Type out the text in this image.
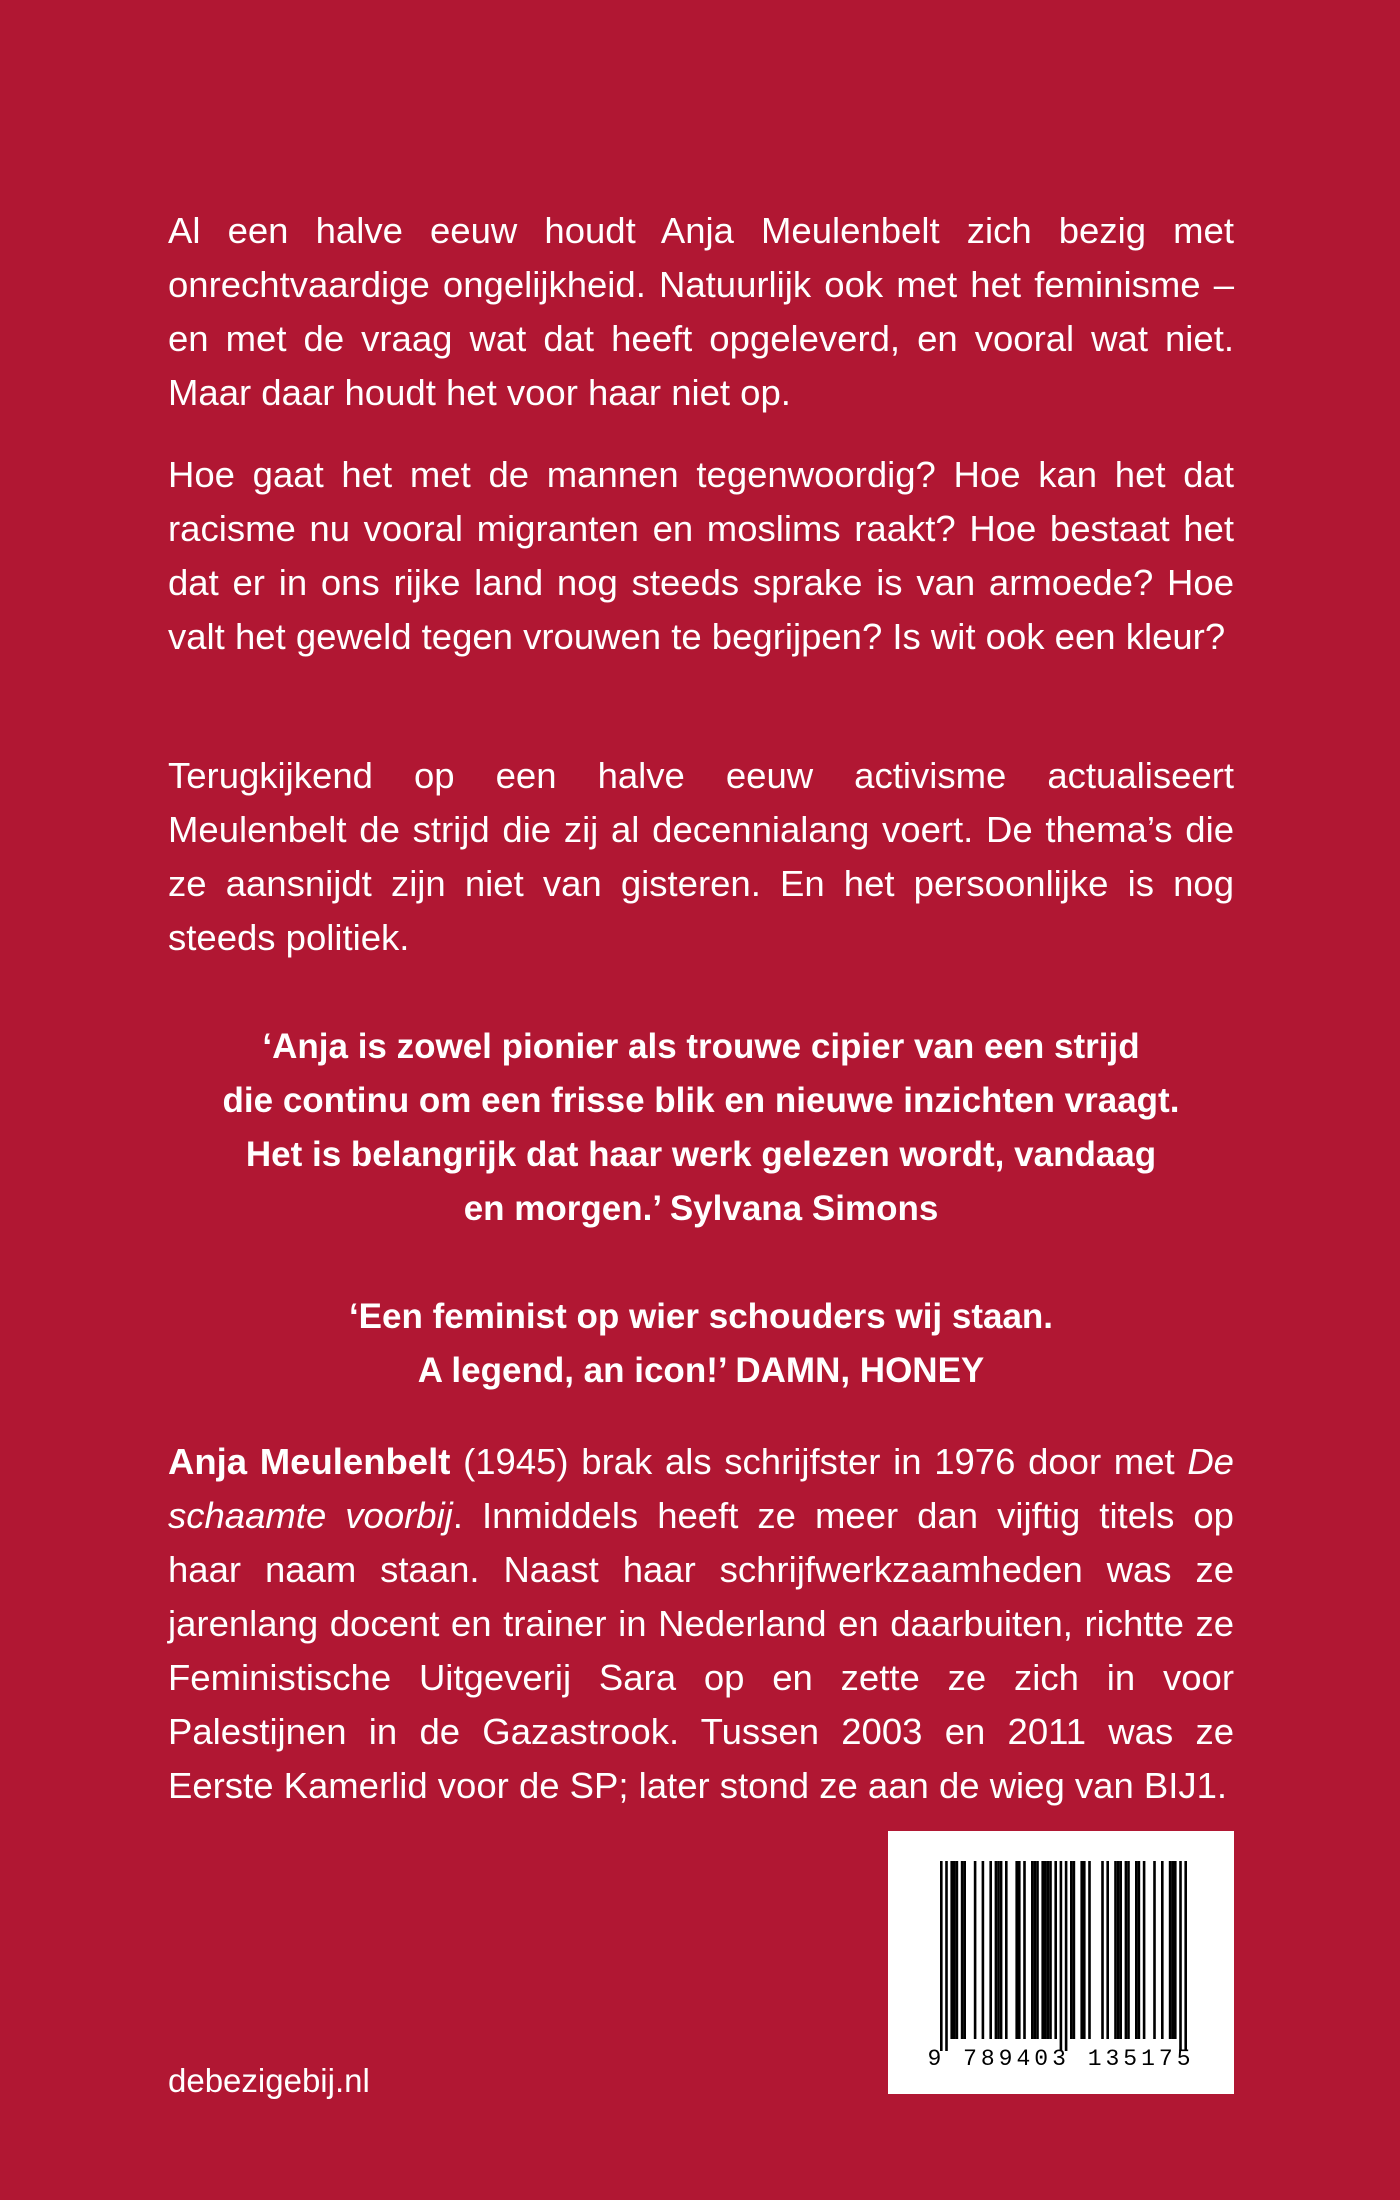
Al een halve eeuw houdt Anja Meulenbelt zich bezig met onrechtvaardige ongelijkheid. Natuurlijk ook met het feminisme – en met de vraag wat dat heeft opgeleverd, en vooral wat niet. Maar daar houdt het voor haar niet op.

Hoe gaat het met de mannen tegenwoordig? Hoe kan het dat racisme nu vooral migranten en moslims raakt? Hoe bestaat het dat er in ons rijke land nog steeds sprake is van armoede? Hoe valt het geweld tegen vrouwen te begrijpen? Is wit ook een kleur?

Terugkijkend op een halve eeuw activisme actualiseert Meulenbelt de strijd die zij al decennialang voert. De thema’s die ze aansnijdt zijn niet van gisteren. En het persoonlijke is nog steeds politiek.

‘Anja is zowel pionier als trouwe cipier van een strijd
die continu om een frisse blik en nieuwe inzichten vraagt.
Het is belangrijk dat haar werk gelezen wordt, vandaag
en morgen.’ Sylvana Simons
‘Een feminist op wier schouders wij staan.
A legend, an icon!’ DAMN, HONEY

Anja Meulenbelt (1945) brak als schrijfster in 1976 door met De schaamte voorbij. Inmiddels heeft ze meer dan vijftig titels op haar naam staan. Naast haar schrijfwerkzaamheden was ze jarenlang docent en trainer in Nederland en daarbuiten, richtte ze Feministische Uitgeverij Sara op en zette ze zich in voor Palestijnen in de Gazastrook. Tussen 2003 en 2011 was ze Eerste Kamerlid voor de SP; later stond ze aan de wieg van BIJ1.

debezigebij.nl

9 789403 135175
